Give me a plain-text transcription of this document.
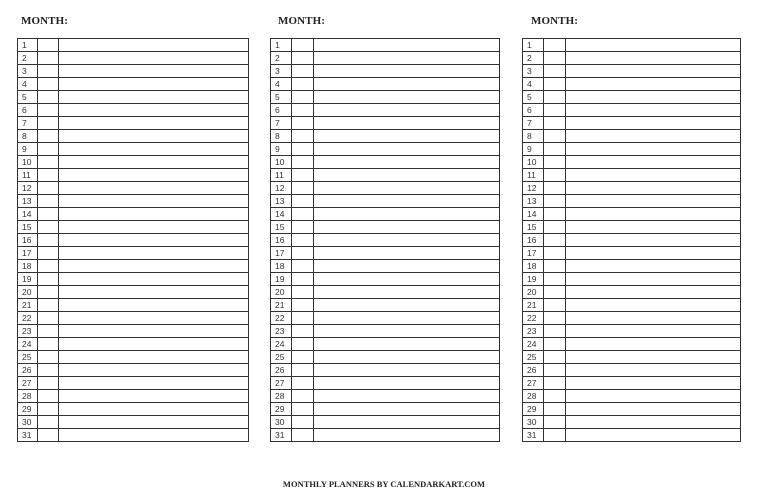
MONTH:	MONTH:	MONTH:
1		
2		
3		
4		
5		
6		
7		
8		
9		
10		
11		
12		
13		
14		
15		
16		
17		
18		
19		
20		
21		
22		
23		
24		
25		
26		
27		
28		
29		
30		
31		
1		
2		
3		
4		
5		
6		
7		
8		
9		
10		
11		
12		
13		
14		
15		
16		
17		
18		
19		
20		
21		
22		
23		
24		
25		
26		
27		
28		
29		
30		
31		
1		
2		
3		
4		
5		
6		
7		
8		
9		
10		
11		
12		
13		
14		
15		
16		
17		
18		
19		
20		
21		
22		
23		
24		
25		
26		
27		
28		
29		
30		
31		
MONTHLY PLANNERS BY CALENDARKART.COM
